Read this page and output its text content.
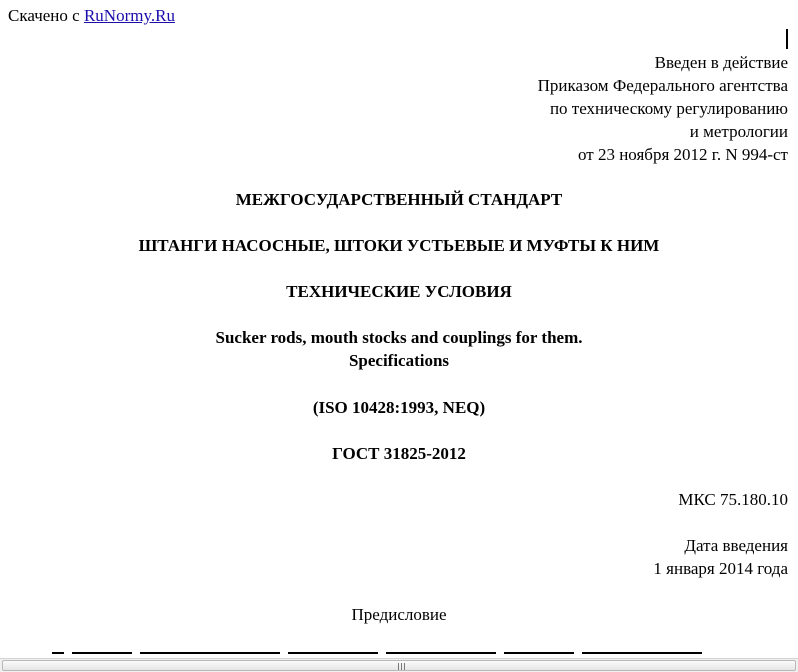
Скачено с RuNormy.Ru
Введен в действие
Приказом Федерального агентства
по техническому регулированию
и метрологии
от 23 ноября 2012 г. N 994-ст
МЕЖГОСУДАРСТВЕННЫЙ СТАНДАРТ
ШТАНГИ НАСОСНЫЕ, ШТОКИ УСТЬЕВЫЕ И МУФТЫ К НИМ
ТЕХНИЧЕСКИЕ УСЛОВИЯ
Sucker rods, mouth stocks and couplings for them.
Specifications
(ISO 10428:1993, NEQ)
ГОСТ 31825-2012
МКС 75.180.10
Дата введения
1 января 2014 года
Предисловие
